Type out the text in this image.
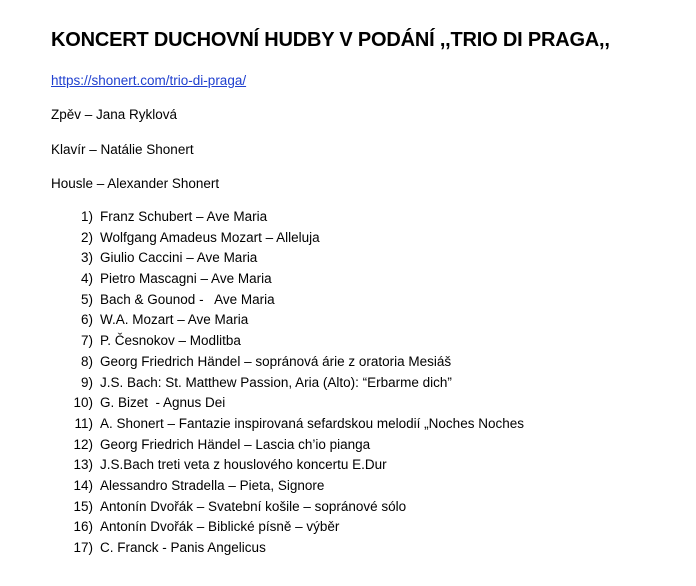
KONCERT DUCHOVNÍ HUDBY V PODÁNÍ ,,TRIO DI PRAGA,,
https://shonert.com/trio-di-praga/
Zpěv – Jana Ryklová
Klavír – Natálie Shonert
Housle – Alexander Shonert
1) Franz Schubert – Ave Maria
2) Wolfgang Amadeus Mozart – Alleluja
3) Giulio Caccini – Ave Maria
4) Pietro Mascagni – Ave Maria
5) Bach & Gounod -   Ave Maria
6) W.A. Mozart – Ave Maria
7) P. Česnokov – Modlitba
8) Georg Friedrich Händel – sopránová árie z oratoria Mesiáš
9) J.S. Bach: St. Matthew Passion, Aria (Alto): “Erbarme dich”
10) G. Bizet  - Agnus Dei
11) A. Shonert – Fantazie inspirovaná sefardskou melodií „Noches Noches
12) Georg Friedrich Händel – Lascia ch’io pianga
13) J.S.Bach treti veta z houslového koncertu E.Dur
14) Alessandro Stradella – Pieta, Signore
15) Antonín Dvořák – Svatební košile – sopránové sólo
16) Antonín Dvořák – Biblické písně – výběr
17) C. Franck - Panis Angelicus
